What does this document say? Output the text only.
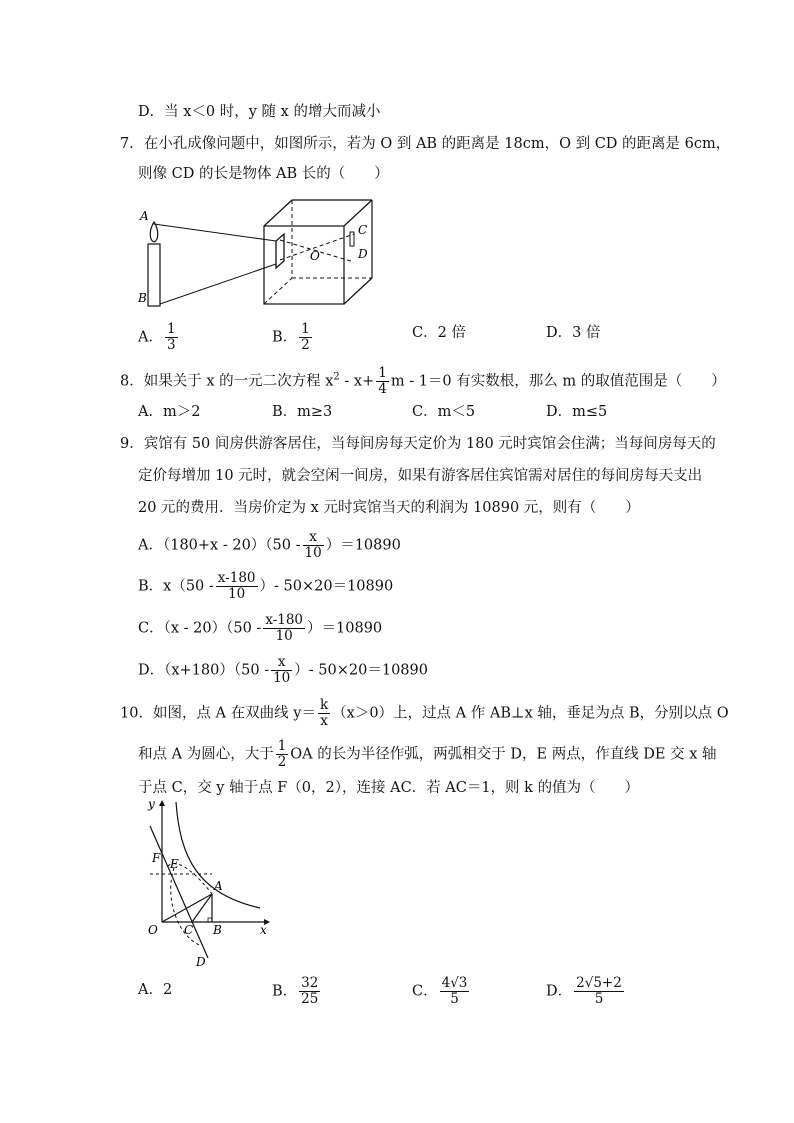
D．当 x＜0 时，y 随 x 的增大而减小
7．在小孔成像问题中，如图所示，若为 O 到 AB 的距离是 18cm，O 到 CD 的距离是 6cm，
则像 CD 的长是物体 AB 长的（　　）
A
B
O
C
D
A． $\frac{1}{3}$	B． $\frac{1}{2}$	C．2 倍	D．3 倍
8．如果关于 x 的一元二次方程 $x^2 - x+ \frac{1}{4}$ m - 1＝0 有实数根，那么 m 的取值范围是（　　）
A．m＞2	B．m≥3	C．m＜5	D．m≤5
9．宾馆有 50 间房供游客居住，当每间房每天定价为 180 元时宾馆会住满；当每间房每天的
定价每增加 10 元时，就会空闲一间房，如果有游客居住宾馆需对居住的每间房每天支出
20 元的费用．当房价定为 x 元时宾馆当天的利润为 10890 元，则有（　　）
A．$(180+x - 20)(50 - \frac{x}{10} )=10890$
B．$x(50 - \frac{x-180}{10}$ ）- 50×20＝10890
C．$(x - 20)(50 - \frac{x-180}{10} )=10890$
D．$(x+180)(50 - \frac{x}{10}$ ）- 50×20＝10890
10．如图，点 A 在双曲线 $y= \frac{k}{x} (x>0)$上，过点 A 作 AB⊥x 轴，垂足为点 B，分别以点 O
和点 A 为圆心，大于 $\frac{1}{2}$ OA 的长为半径作弧，两弧相交于 D，E 两点，作直线 DE 交 x 轴
于点 C，交 y 轴于点 F（0，2），连接 AC．若 AC＝1，则 k 的值为（　　）
y
x
O
F E
A
C B
D
A．2	B． $\frac{32}{25}$	C． $\frac{4√3}{5}$	D． $\frac{2√5+2}{5}$
